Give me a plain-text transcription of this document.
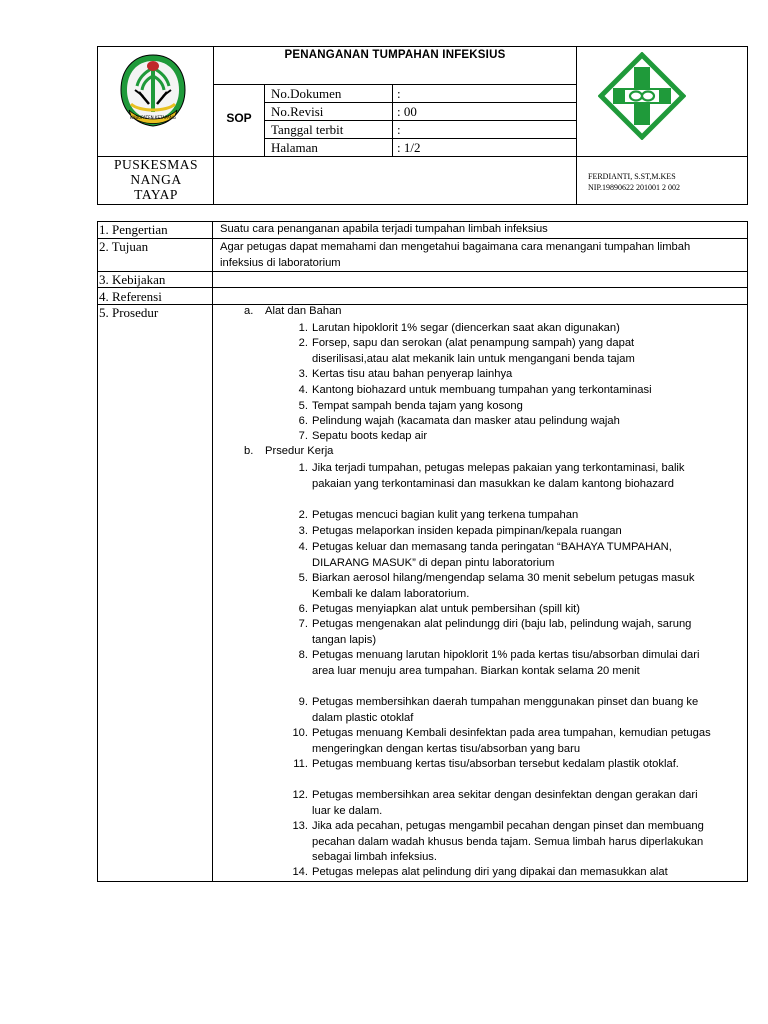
KABUPATEN KETAPANG
PENANGANAN TUMPAHAN INFEKSIUS
SOP
No.Dokumen	:
No.Revisi	: 00
Tanggal terbit	:
Halaman	: 1/2
PUSKESMAS
NANGA
TAYAP
FERDIANTI, S.ST,M.KES
NIP.19890622 201001 2 002
1. Pengertian	Suatu cara penanganan apabila terjadi tumpahan limbah infeksius
2. Tujuan	Agar petugas dapat memahami dan mengetahui bagaimana cara menangani tumpahan limbah infeksius di laboratorium
3. Kebijakan
4. Referensi
5. Prosedur	a. Alat dan Bahan
1. Larutan hipoklorit 1% segar (diencerkan saat akan digunakan)
2. Forsep, sapu dan serokan (alat penampung sampah) yang dapat diserilisasi,atau alat mekanik lain untuk mengangani benda tajam
3. Kertas tisu atau bahan penyerap lainhya
4. Kantong biohazard untuk membuang tumpahan yang terkontaminasi
5. Tempat sampah benda tajam yang kosong
6. Pelindung wajah (kacamata dan masker atau pelindung wajah
7. Sepatu boots kedap air
b. Prsedur Kerja
1. Jika terjadi tumpahan, petugas melepas pakaian yang terkontaminasi, balik pakaian yang terkontaminasi dan masukkan ke dalam kantong biohazard
2. Petugas mencuci bagian kulit yang terkena tumpahan
3. Petugas melaporkan insiden kepada pimpinan/kepala ruangan
4. Petugas keluar dan memasang tanda peringatan “BAHAYA TUMPAHAN, DILARANG MASUK” di depan pintu laboratorium
5. Biarkan aerosol hilang/mengendap selama 30 menit sebelum petugas masuk Kembali ke dalam laboratorium.
6. Petugas menyiapkan alat untuk pembersihan (spill kit)
7. Petugas mengenakan alat pelindungg diri (baju lab, pelindung wajah, sarung tangan lapis)
8. Petugas menuang larutan hipoklorit 1% pada kertas tisu/absorban dimulai dari area luar menuju area tumpahan. Biarkan kontak selama 20 menit
9. Petugas membersihkan daerah tumpahan menggunakan pinset dan buang ke dalam plastic otoklaf
10. Petugas menuang Kembali desinfektan pada area tumpahan, kemudian petugas mengeringkan dengan kertas tisu/absorban yang baru
11. Petugas membuang kertas tisu/absorban tersebut kedalam plastik otoklaf.
12. Petugas membersihkan area sekitar dengan desinfektan dengan gerakan dari luar ke dalam.
13. Jika ada pecahan, petugas mengambil pecahan dengan pinset dan membuang pecahan dalam wadah khusus benda tajam. Semua limbah harus diperlakukan sebagai limbah infeksius.
14. Petugas melepas alat pelindung diri yang dipakai dan memasukkan alat
